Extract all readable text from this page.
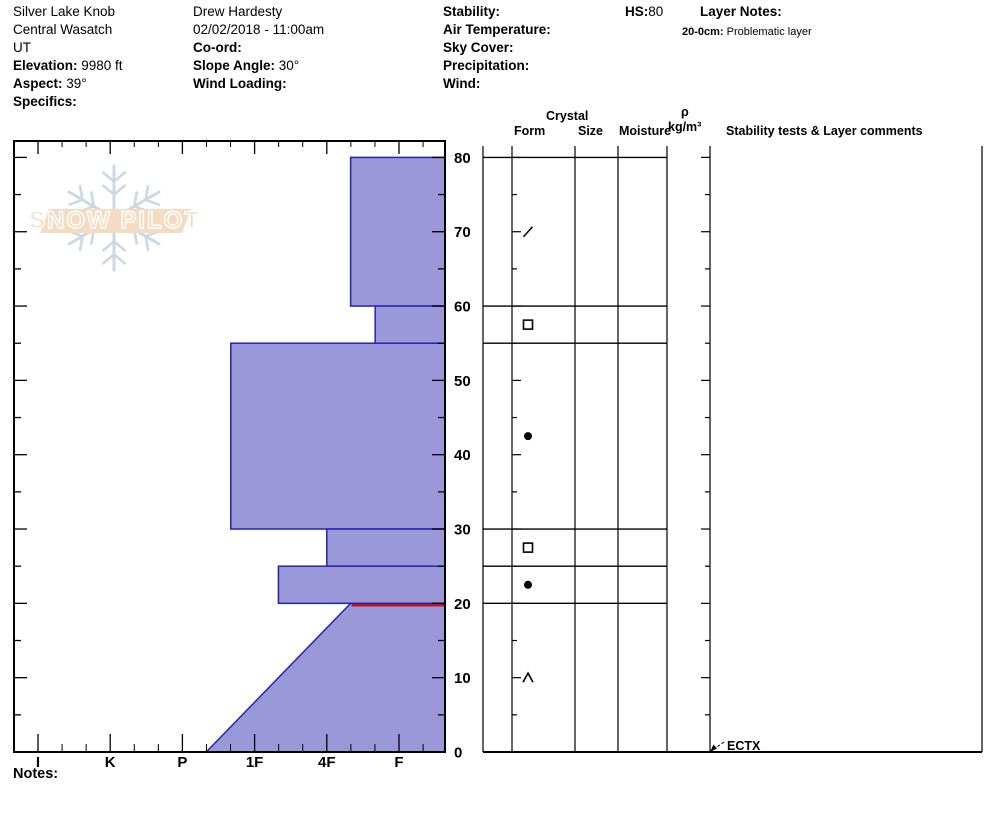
Silver Lake Knob
Central Wasatch
UT
Elevation: 9980 ft
Aspect: 39°
Specifics:
Drew Hardesty
02/02/2018 - 11:00am
Co-ord:
Slope Angle: 30°
Wind Loading:
Stability:
Air Temperature:
Sky Cover:
Precipitation:
Wind:
HS:80	Layer Notes:
20-0cm: Problematic layer
SNOW PILOT
0
10
20
30
40
50
60
70
80
I	K	P	1F	4F	F
ECTX
Crystal
Form	Size Moisture
ρ
kg/m³ Stability tests & Layer comments
Notes:
